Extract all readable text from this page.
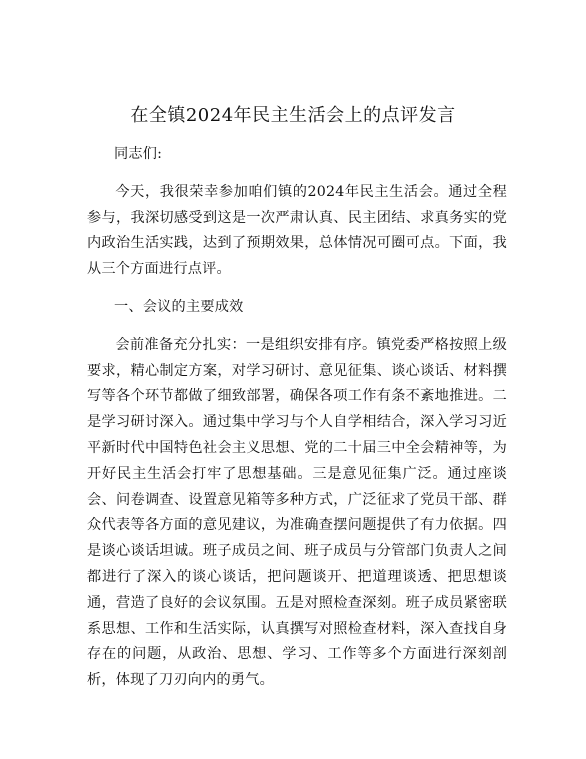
在全镇2024年民主生活会上的点评发言

同志们:

今天，我很荣幸参加咱们镇的2024年民主生活会。通过全程参与，我深切感受到这是一次严肃认真、民主团结、求真务实的党内政治生活实践，达到了预期效果，总体情况可圈可点。下面，我从三个方面进行点评。

一、会议的主要成效

会前准备充分扎实：一是组织安排有序。镇党委严格按照上级要求，精心制定方案，对学习研讨、意见征集、谈心谈话、材料撰写等各个环节都做了细致部署，确保各项工作有条不紊地推进。二是学习研讨深入。通过集中学习与个人自学相结合，深入学习习近平新时代中国特色社会主义思想、党的二十届三中全会精神等，为开好民主生活会打牢了思想基础。三是意见征集广泛。通过座谈会、问卷调查、设置意见箱等多种方式，广泛征求了党员干部、群众代表等各方面的意见建议，为准确查摆问题提供了有力依据。四是谈心谈话坦诚。班子成员之间、班子成员与分管部门负责人之间都进行了深入的谈心谈话，把问题谈开、把道理谈透、把思想谈通，营造了良好的会议氛围。五是对照检查深刻。班子成员紧密联系思想、工作和生活实际，认真撰写对照检查材料，深入查找自身存在的问题，从政治、思想、学习、工作等多个方面进行深刻剖析，体现了刀刃向内的勇气。
